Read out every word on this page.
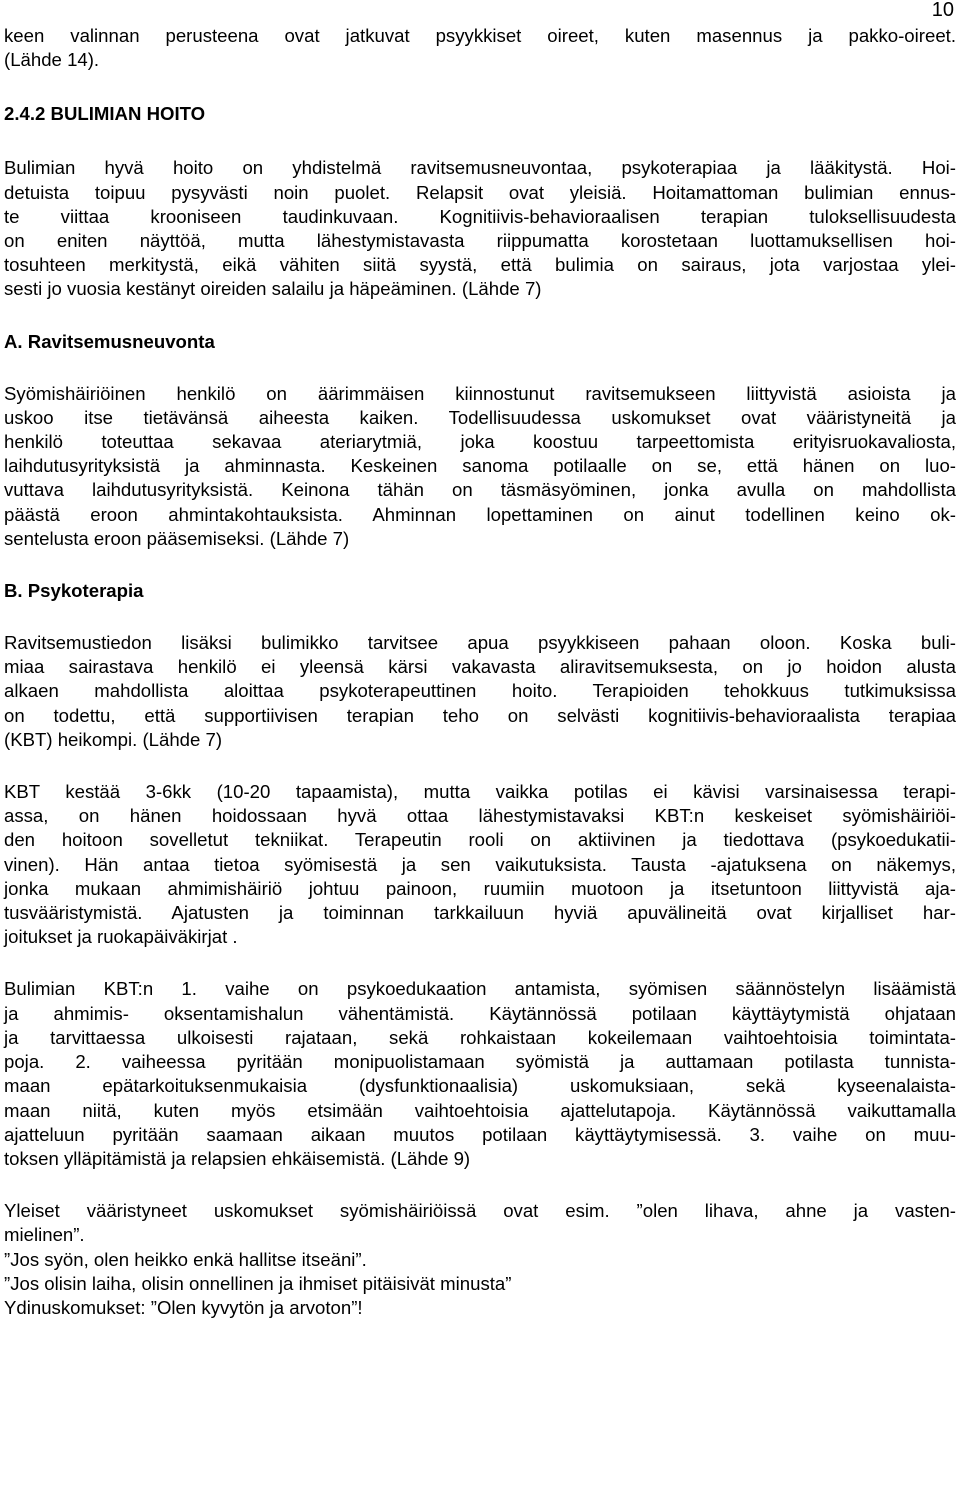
10

keen valinnan perusteena ovat jatkuvat psyykkiset oireet, kuten masennus ja pakko-oireet.
(Lähde 14).

2.4.2 BULIMIAN HOITO

Bulimian hyvä hoito on yhdistelmä ravitsemusneuvontaa, psykoterapiaa ja lääkitystä. Hoi-
detuista toipuu pysyvästi noin puolet. Relapsit ovat yleisiä. Hoitamattoman bulimian ennus-
te viittaa krooniseen taudinkuvaan. Kognitiivis-behavioraalisen terapian tuloksellisuudesta
on eniten näyttöä, mutta lähestymistavasta riippumatta korostetaan luottamuksellisen hoi-
tosuhteen merkitystä, eikä vähiten siitä syystä, että bulimia on sairaus, jota varjostaa ylei-
sesti jo vuosia kestänyt oireiden salailu ja häpeäminen. (Lähde 7)

A. Ravitsemusneuvonta

Syömishäiriöinen henkilö on äärimmäisen kiinnostunut ravitsemukseen liittyvistä asioista ja
uskoo itse tietävänsä aiheesta kaiken. Todellisuudessa uskomukset ovat vääristyneitä ja
henkilö toteuttaa sekavaa ateriarytmiä, joka koostuu tarpeettomista erityisruokavaliosta,
laihdutusyrityksistä ja ahminnasta. Keskeinen sanoma potilaalle on se, että hänen on luo-
vuttava laihdutusyrityksistä. Keinona tähän on täsmäsyöminen, jonka avulla on mahdollista
päästä eroon ahmintakohtauksista. Ahminnan lopettaminen on ainut todellinen keino ok-
sentelusta eroon pääsemiseksi. (Lähde 7)

B. Psykoterapia

Ravitsemustiedon lisäksi bulimikko tarvitsee apua psyykkiseen pahaan oloon. Koska buli-
miaa sairastava henkilö ei yleensä kärsi vakavasta aliravitsemuksesta, on jo hoidon alusta
alkaen mahdollista aloittaa psykoterapeuttinen hoito. Terapioiden tehokkuus tutkimuksissa
on todettu, että supportiivisen terapian teho on selvästi kognitiivis-behavioraalista terapiaa
(KBT) heikompi. (Lähde 7)

KBT kestää 3-6kk (10-20 tapaamista), mutta vaikka potilas ei kävisi varsinaisessa terapi-
assa, on hänen hoidossaan hyvä ottaa lähestymistavaksi KBT:n keskeiset syömishäiriöi-
den hoitoon sovelletut tekniikat. Terapeutin rooli on aktiivinen ja tiedottava (psykoedukatii-
vinen). Hän antaa tietoa syömisestä ja sen vaikutuksista. Tausta -ajatuksena on näkemys,
jonka mukaan ahmimishäiriö johtuu painoon, ruumiin muotoon ja itsetuntoon liittyvistä aja-
tusvääristymistä. Ajatusten ja toiminnan tarkkailuun hyviä apuvälineitä ovat kirjalliset har-
joitukset ja ruokapäiväkirjat .

Bulimian KBT:n 1. vaihe on psykoedukaation antamista, syömisen säännöstelyn lisäämistä
ja ahmimis- oksentamishalun vähentämistä. Käytännössä potilaan käyttäytymistä ohjataan
ja tarvittaessa ulkoisesti rajataan, sekä rohkaistaan kokeilemaan vaihtoehtoisia toimintata-
poja. 2. vaiheessa pyritään monipuolistamaan syömistä ja auttamaan potilasta tunnista-
maan epätarkoituksenmukaisia (dysfunktionaalisia) uskomuksiaan, sekä kyseenalaista-
maan niitä, kuten myös etsimään vaihtoehtoisia ajattelutapoja. Käytännössä vaikuttamalla
ajatteluun pyritään saamaan aikaan muutos potilaan käyttäytymisessä. 3. vaihe on muu-
toksen ylläpitämistä ja relapsien ehkäisemistä. (Lähde 9)

Yleiset vääristyneet uskomukset syömishäiriöissä ovat esim. ”olen lihava, ahne ja vasten-
mielinen”.

”Jos syön, olen heikko enkä hallitse itseäni”.
”Jos olisin laiha, olisin onnellinen ja ihmiset pitäisivät minusta”
Ydinuskomukset: ”Olen kyvytön ja arvoton”!
